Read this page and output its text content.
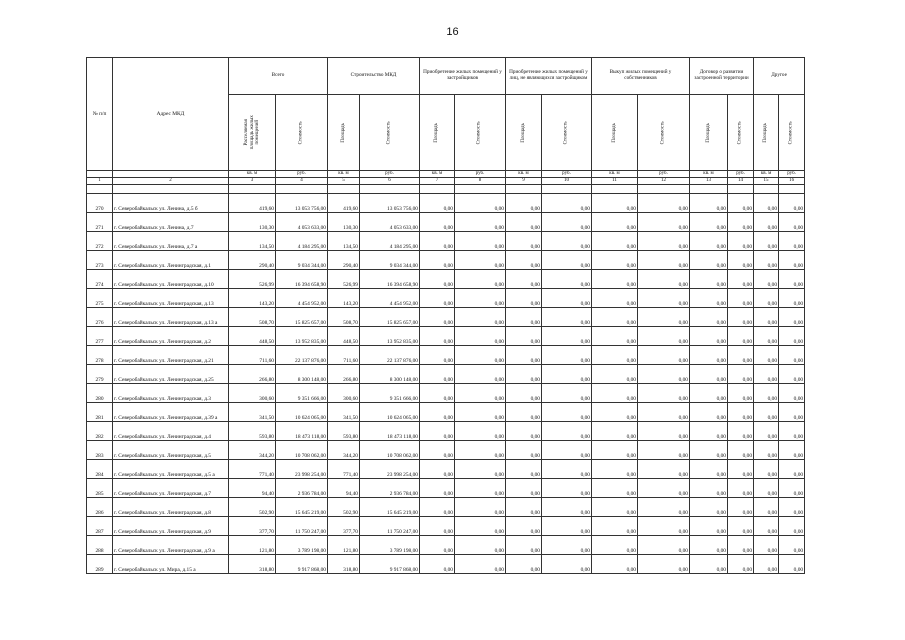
16
№ п/п	Адрес МКД	Всего		Строительство МКД		Приобретение жилых помещений у застройщиков		Приобретение жилых помещений у лиц, не являющихся застройщиком		Выкуп жилых помещений у собственников		Договор о развитии застроенной территории		Другое	
		Расселяемая площадь жилых помещений	Стоимость	Площадь	Стоимость	Площадь	Стоимость	Площадь	Стоимость	Площадь	Стоимость	Площадь	Стоимость	Площадь	Стоимость
		кв. м	руб.	кв. м	руб.	кв. м	руб.	кв. м	руб.	кв. м	руб.	кв. м	руб.	кв. м	руб.
1	2	3	4	5	6	7	8	9	10	11	12	13	14	15	16

270	г. Северобайкальск ул. Ленина, д.5 б	419,60	13 053 756,00	419,60	13 053 756,00	0,00	0,00	0,00	0,00	0,00	0,00	0,00	0,00	0,00	0,00
271	г. Северобайкальск ул. Ленина, д.7	130,30	4 053 633,00	130,30	4 053 633,00	0,00	0,00	0,00	0,00	0,00	0,00	0,00	0,00	0,00	0,00
272	г. Северобайкальск ул. Ленина, д.7 а	134,50	4 184 295,00	134,50	4 184 295,00	0,00	0,00	0,00	0,00	0,00	0,00	0,00	0,00	0,00	0,00
273	г. Северобайкальск ул. Ленинградская, д.1	290,40	9 034 344,00	290,40	9 034 344,00	0,00	0,00	0,00	0,00	0,00	0,00	0,00	0,00	0,00	0,00
274	г. Северобайкальск ул. Ленинградская, д.10	526,99	16 394 658,90	526,99	16 394 658,90	0,00	0,00	0,00	0,00	0,00	0,00	0,00	0,00	0,00	0,00
275	г. Северобайкальск ул. Ленинградская, д.13	143,20	4 454 952,00	143,20	4 454 952,00	0,00	0,00	0,00	0,00	0,00	0,00	0,00	0,00	0,00	0,00
276	г. Северобайкальск ул. Ленинградская, д.13 а	508,70	15 825 657,00	508,70	15 825 657,00	0,00	0,00	0,00	0,00	0,00	0,00	0,00	0,00	0,00	0,00
277	г. Северобайкальск ул. Ленинградская, д.2	448,50	13 952 835,00	448,50	13 952 835,00	0,00	0,00	0,00	0,00	0,00	0,00	0,00	0,00	0,00	0,00
278	г. Северобайкальск ул. Ленинградская, д.21	711,60	22 137 876,00	711,60	22 137 876,00	0,00	0,00	0,00	0,00	0,00	0,00	0,00	0,00	0,00	0,00
279	г. Северобайкальск ул. Ленинградская, д.25	266,80	8 300 148,00	266,80	8 300 148,00	0,00	0,00	0,00	0,00	0,00	0,00	0,00	0,00	0,00	0,00
280	г. Северобайкальск ул. Ленинградская, д.3	300,60	9 351 666,00	300,60	9 351 666,00	0,00	0,00	0,00	0,00	0,00	0,00	0,00	0,00	0,00	0,00
281	г. Северобайкальск ул. Ленинградская, д.39 а	341,50	10 624 065,00	341,50	10 624 065,00	0,00	0,00	0,00	0,00	0,00	0,00	0,00	0,00	0,00	0,00
282	г. Северобайкальск ул. Ленинградская, д.4	593,80	18 473 118,00	593,80	18 473 118,00	0,00	0,00	0,00	0,00	0,00	0,00	0,00	0,00	0,00	0,00
283	г. Северобайкальск ул. Ленинградская, д.5	344,20	10 708 062,00	344,20	10 708 062,00	0,00	0,00	0,00	0,00	0,00	0,00	0,00	0,00	0,00	0,00
284	г. Северобайкальск ул. Ленинградская, д.5 а	771,40	23 998 254,00	771,40	23 998 254,00	0,00	0,00	0,00	0,00	0,00	0,00	0,00	0,00	0,00	0,00
285	г. Северобайкальск ул. Ленинградская, д.7	94,40	2 936 784,00	94,40	2 936 784,00	0,00	0,00	0,00	0,00	0,00	0,00	0,00	0,00	0,00	0,00
286	г. Северобайкальск ул. Ленинградская, д.8	502,90	15 645 219,00	502,90	15 645 219,00	0,00	0,00	0,00	0,00	0,00	0,00	0,00	0,00	0,00	0,00
287	г. Северобайкальск ул. Ленинградская, д.9	377,70	11 750 247,00	377,70	11 750 247,00	0,00	0,00	0,00	0,00	0,00	0,00	0,00	0,00	0,00	0,00
288	г. Северобайкальск ул. Ленинградская, д.9 а	121,80	3 789 198,00	121,80	3 789 198,00	0,00	0,00	0,00	0,00	0,00	0,00	0,00	0,00	0,00	0,00
289	г. Северобайкальск ул. Мира, д.15 а	318,80	9 917 868,00	318,80	9 917 868,00	0,00	0,00	0,00	0,00	0,00	0,00	0,00	0,00	0,00	0,00
